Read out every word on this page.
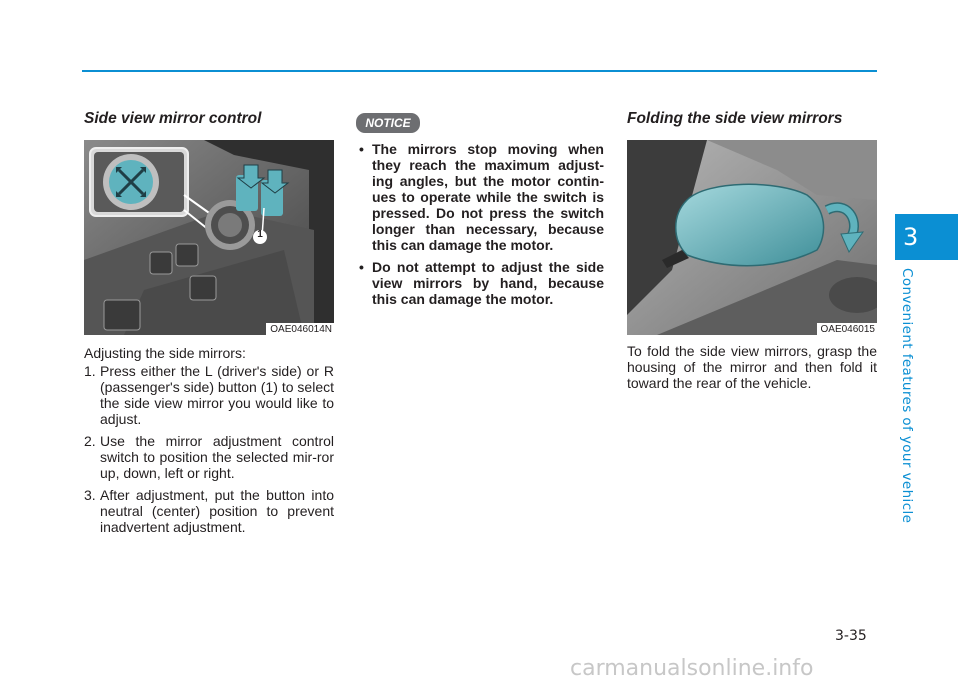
Side view mirror control
1
OAE046014N

Adjusting the side mirrors:

1. Press either the L (driver's side) or R (passenger's side) button (1) to select the side view mirror you would like to adjust.
2. Use the mirror adjustment control switch to position the selected mir-ror up, down, left or right.
3. After adjustment, put the button into neutral (center) position to prevent inadvertent adjustment.
NOTICE
• The mirrors stop moving when they reach the maximum adjust-ing angles, but the motor contin-ues to operate while the switch is pressed. Do not press the switch longer than necessary, because this can damage the motor.
• Do not attempt to adjust the side view mirrors by hand, because this can damage the motor.
Folding the side view mirrors
OAE046015
To fold the side view mirrors, grasp the housing of the mirror and then fold it toward the rear of the vehicle.
3
Convenient features of your vehicle
3-35
carmanualsonline.info
